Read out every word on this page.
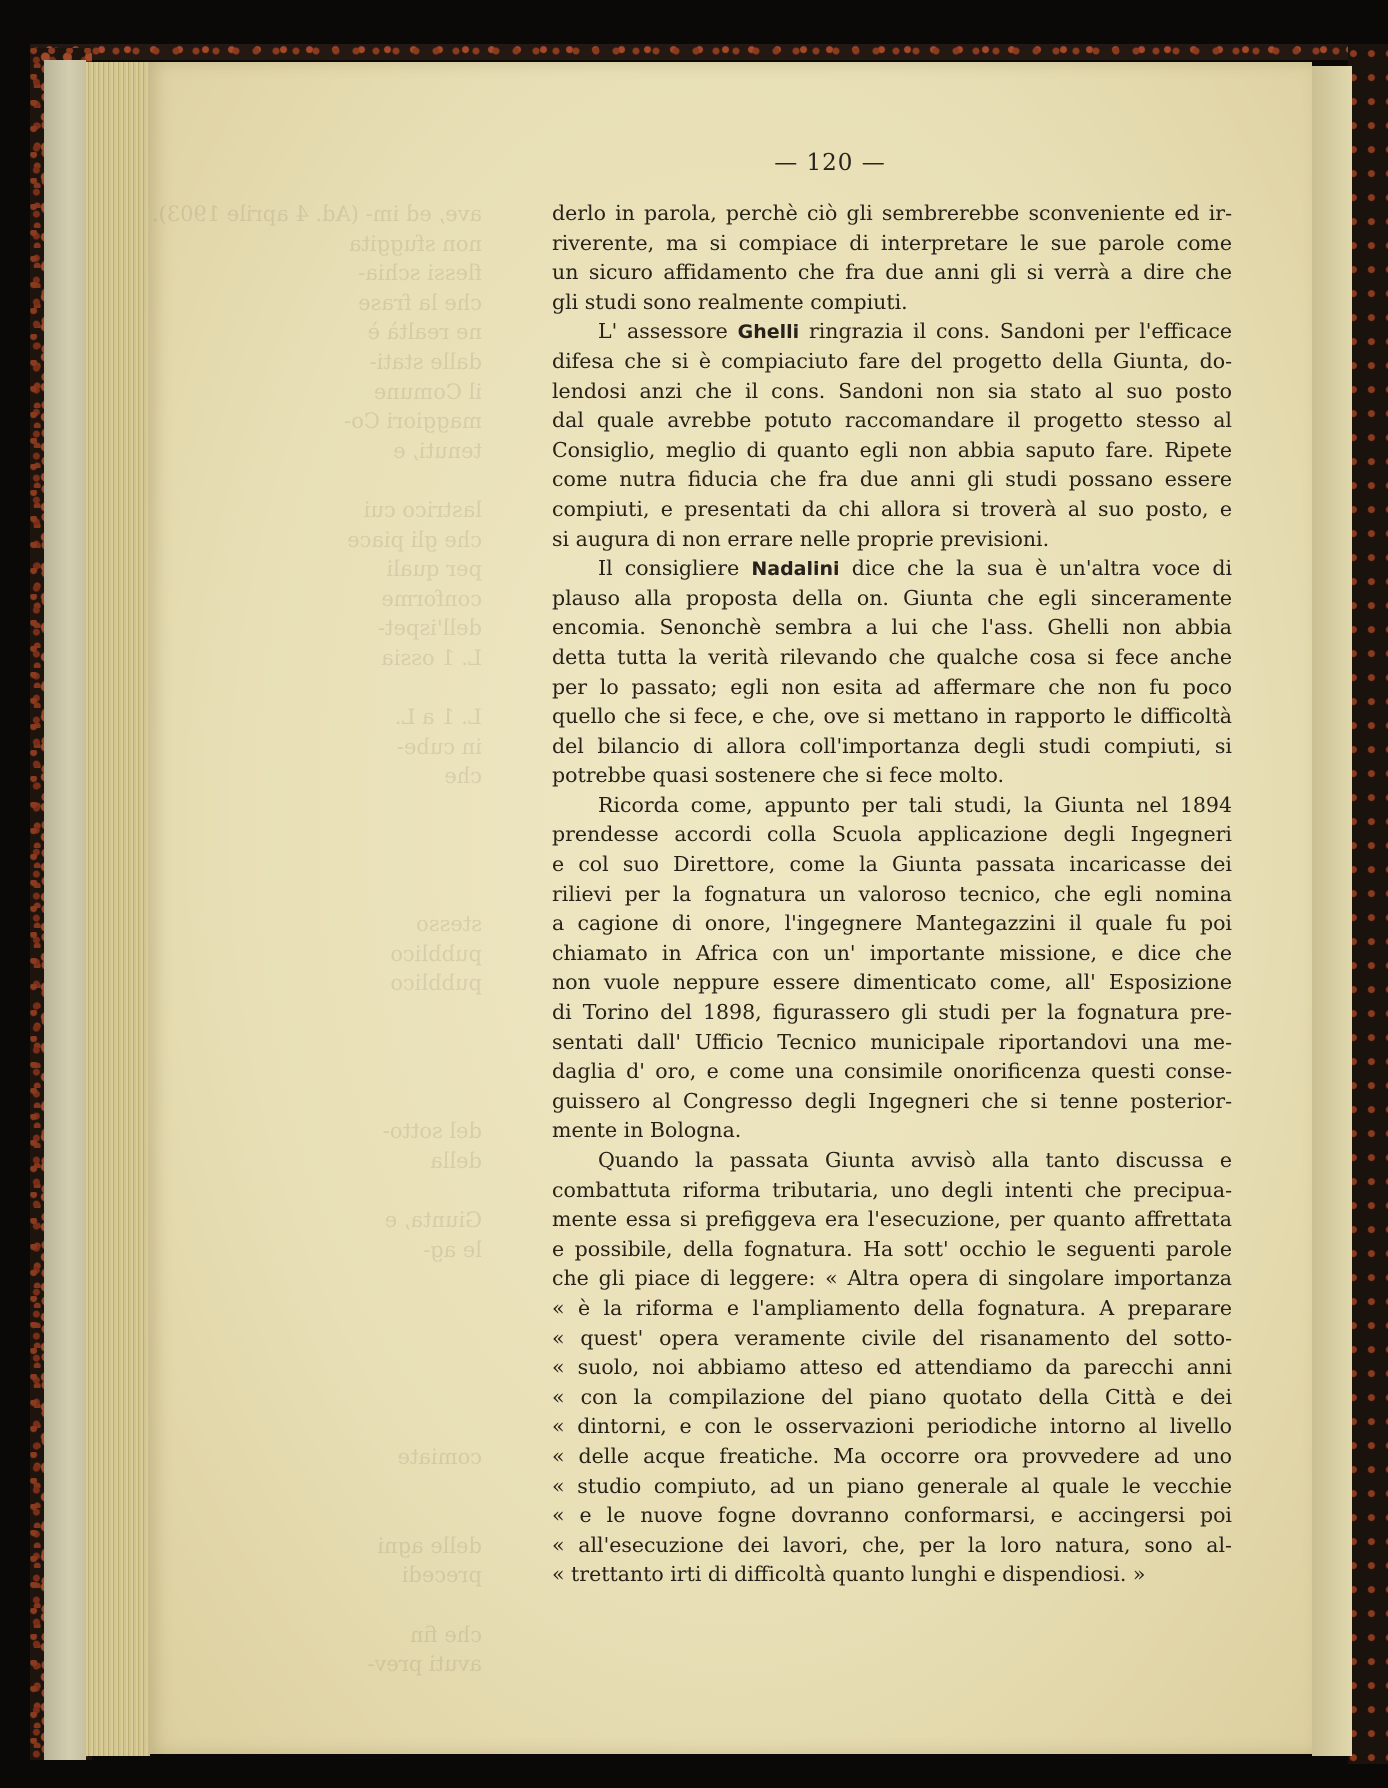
ave, ed im- (Ad. 4 aprile 1903).
non sfuggita
flessi schia-
che la frase
ne realtà è
dalle stati-
il Comune
maggiori Co-
tenuti, e

lastrico cui
che gli piace
per quali
conforme
dell'ispet-
L. 1 ossia

L. 1 a L.
in cube-
che

stesso
pubblico
pubblico

del sotto-
della

Giunta, e
le ag-

comiate

delle agni
precedi

che fin
avuti prev-
— 120 —
derlo in parola, perchè ciò gli sembrerebbe sconveniente ed ir-
riverente, ma si compiace di interpretare le sue parole come
un sicuro affidamento che fra due anni gli si verrà a dire che
gli studi sono realmente compiuti.
L' assessore Ghelli ringrazia il cons. Sandoni per l'efficace
difesa che si è compiaciuto fare del progetto della Giunta, do-
lendosi anzi che il cons. Sandoni non sia stato al suo posto
dal quale avrebbe potuto raccomandare il progetto stesso al
Consiglio, meglio di quanto egli non abbia saputo fare. Ripete
come nutra fiducia che fra due anni gli studi possano essere
compiuti, e presentati da chi allora si troverà al suo posto, e
si augura di non errare nelle proprie previsioni.
Il consigliere Nadalini dice che la sua è un'altra voce di
plauso alla proposta della on. Giunta che egli sinceramente
encomia. Senonchè sembra a lui che l'ass. Ghelli non abbia
detta tutta la verità rilevando che qualche cosa si fece anche
per lo passato; egli non esita ad affermare che non fu poco
quello che si fece, e che, ove si mettano in rapporto le difficoltà
del bilancio di allora coll'importanza degli studi compiuti, si
potrebbe quasi sostenere che si fece molto.
Ricorda come, appunto per tali studi, la Giunta nel 1894
prendesse accordi colla Scuola applicazione degli Ingegneri
e col suo Direttore, come la Giunta passata incaricasse dei
rilievi per la fognatura un valoroso tecnico, che egli nomina
a cagione di onore, l'ingegnere Mantegazzini il quale fu poi
chiamato in Africa con un' importante missione, e dice che
non vuole neppure essere dimenticato come, all' Esposizione
di Torino del 1898, figurassero gli studi per la fognatura pre-
sentati dall' Ufficio Tecnico municipale riportandovi una me-
daglia d' oro, e come una consimile onorificenza questi conse-
guissero al Congresso degli Ingegneri che si tenne posterior-
mente in Bologna.
Quando la passata Giunta avvisò alla tanto discussa e
combattuta riforma tributaria, uno degli intenti che precipua-
mente essa si prefiggeva era l'esecuzione, per quanto affrettata
e possibile, della fognatura. Ha sott' occhio le seguenti parole
che gli piace di leggere: « Altra opera di singolare importanza
« è la riforma e l'ampliamento della fognatura. A preparare
« quest' opera veramente civile del risanamento del sotto-
« suolo, noi abbiamo atteso ed attendiamo da parecchi anni
« con la compilazione del piano quotato della Città e dei
« dintorni, e con le osservazioni periodiche intorno al livello
« delle acque freatiche. Ma occorre ora provvedere ad uno
« studio compiuto, ad un piano generale al quale le vecchie
« e le nuove fogne dovranno conformarsi, e accingersi poi
« all'esecuzione dei lavori, che, per la loro natura, sono al-
« trettanto irti di difficoltà quanto lunghi e dispendiosi. »
